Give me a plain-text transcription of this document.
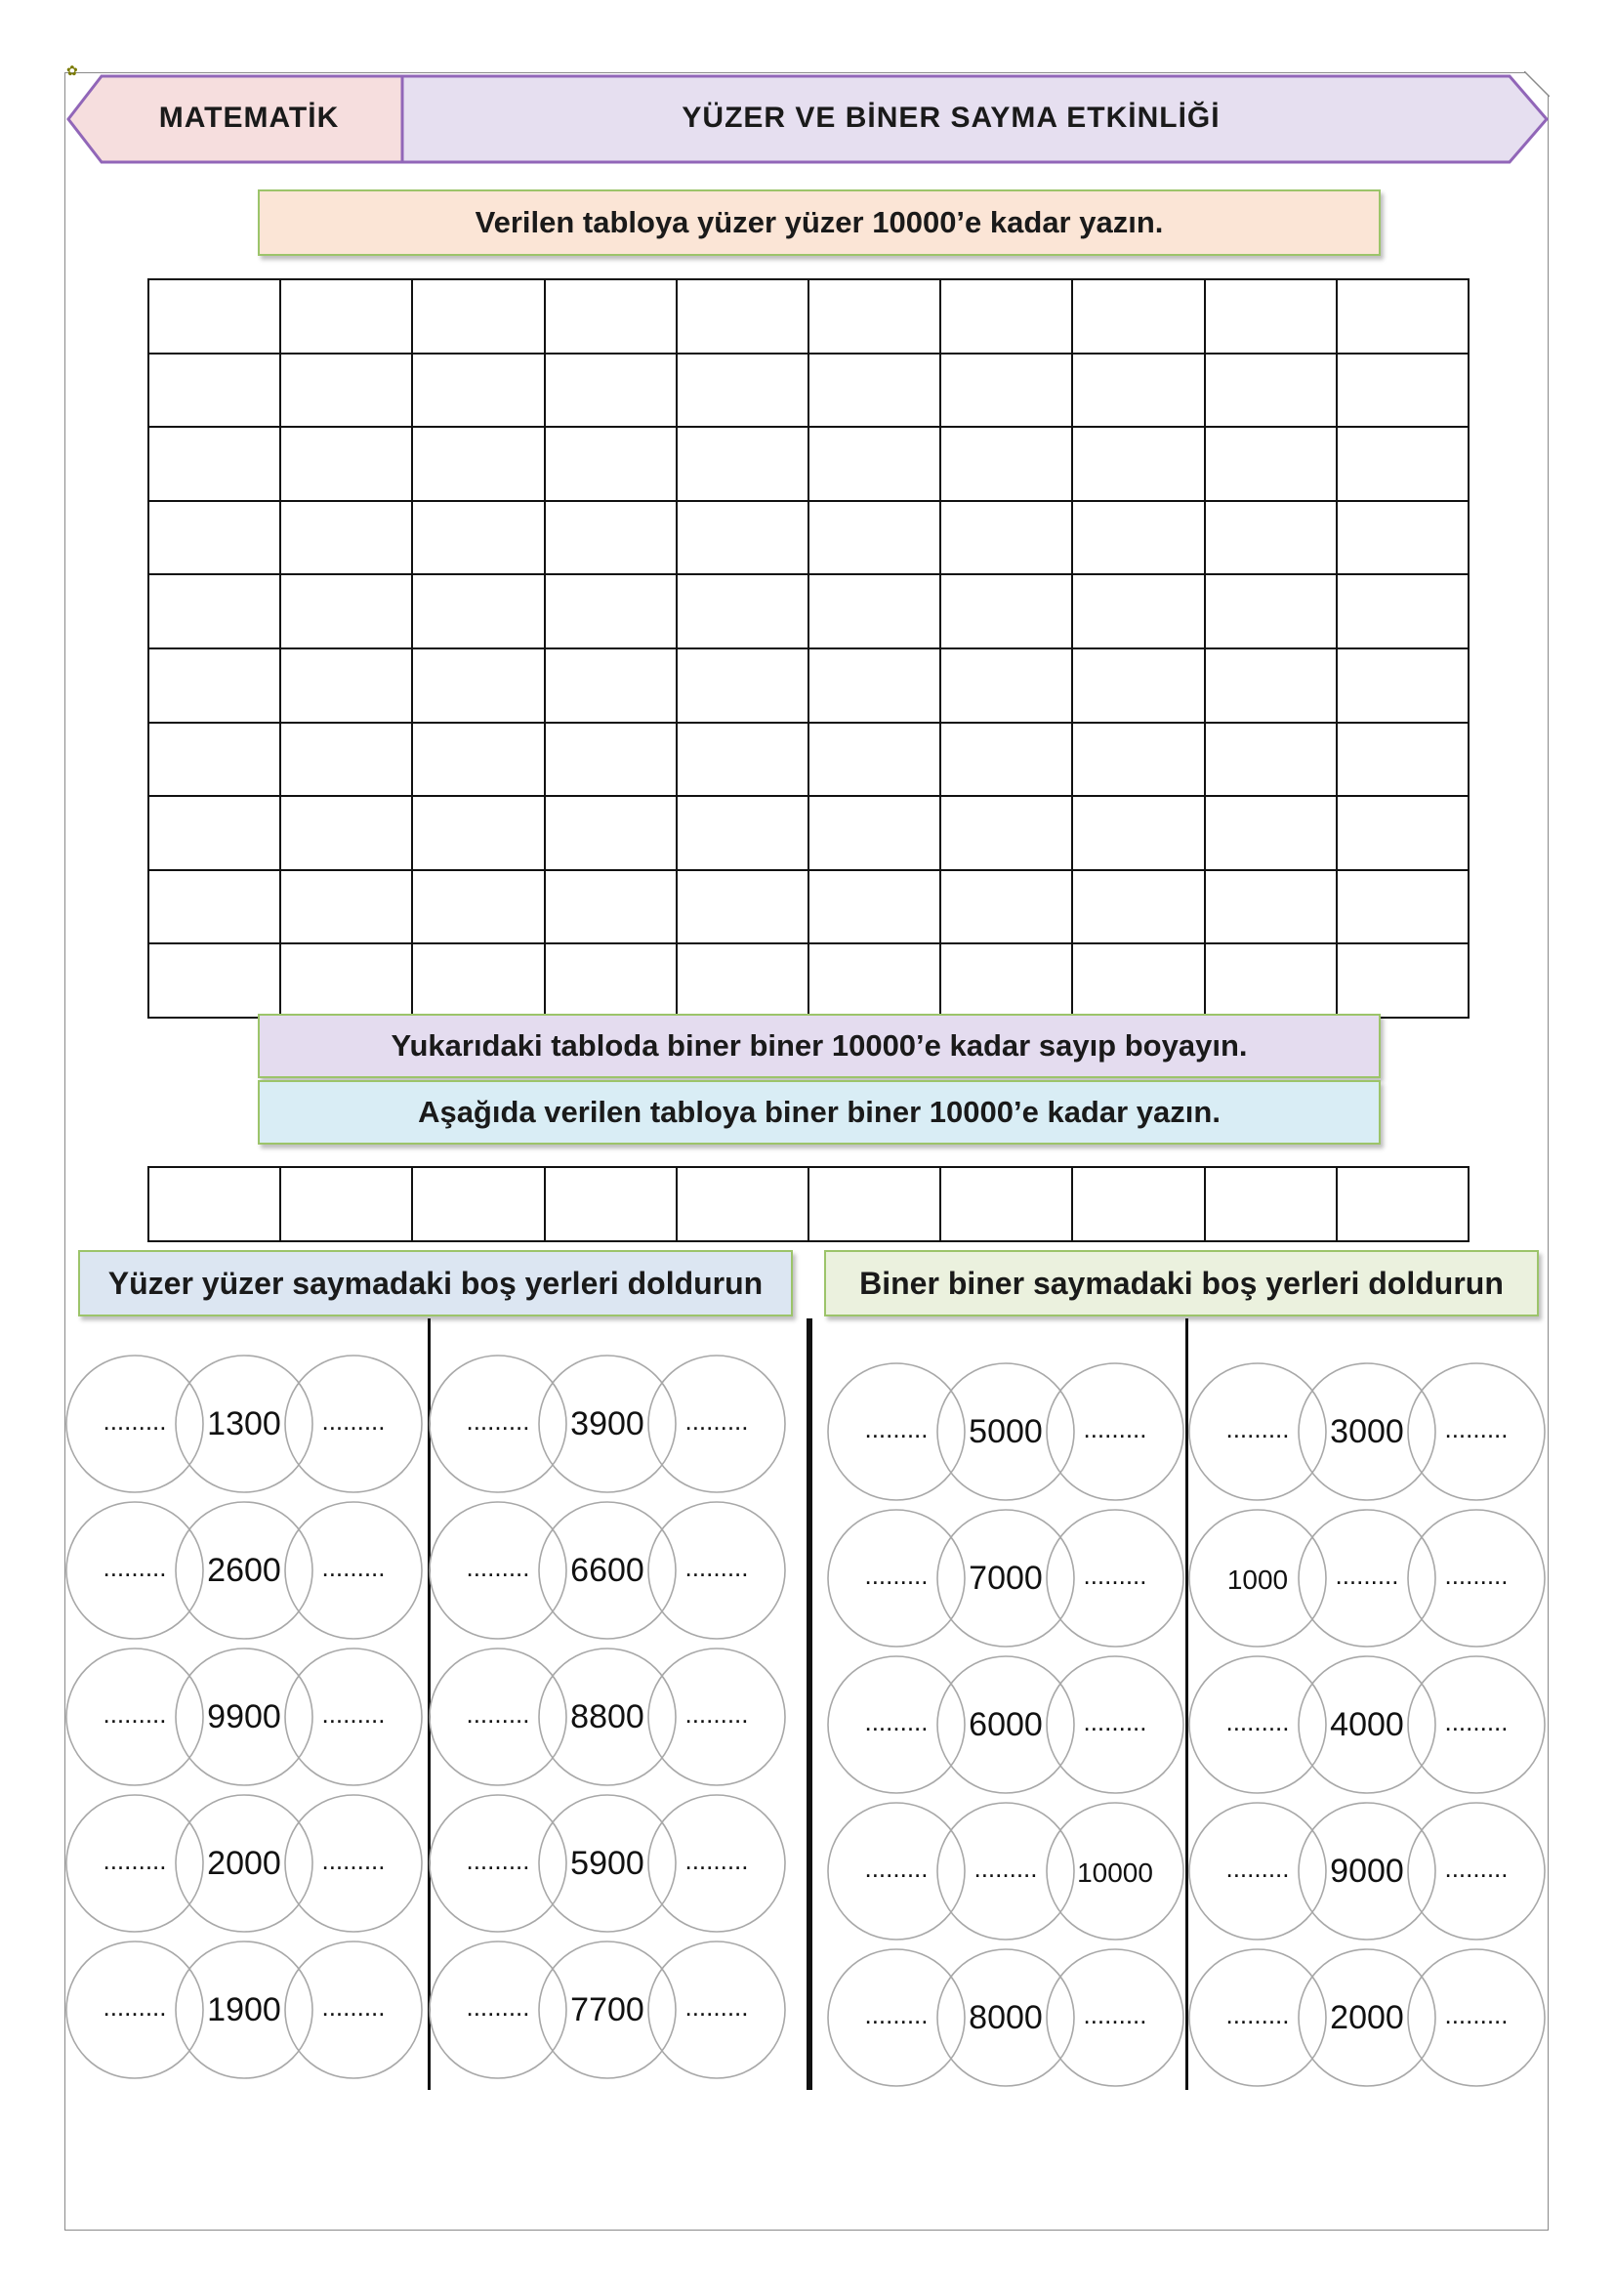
✿
MATEMATİK	YÜZER VE BİNER SAYMA ETKİNLİĞİ
Verilen tabloya yüzer yüzer 10000’e kadar yazın.

Yukarıdaki tabloda biner biner 10000’e kadar sayıp boyayın.
Aşağıda verilen tabloya biner biner 10000’e kadar yazın.

Yüzer yüzer saymadaki boş yerleri doldurun	Biner biner saymadaki boş yerleri doldurun
......... 1300 .........
......... 2600 .........
......... 9900 .........
......... 2000 .........
......... 1900 .........
......... 3900 .........
......... 6600 .........
......... 8800 .........
......... 5900 .........
......... 7700 .........
......... 5000 .........
......... 7000 .........
......... 6000 .........
......... ......... 10000
......... 8000 .........
......... 3000 .........
1000 ......... .........
......... 4000 .........
......... 9000 .........
......... 2000 .........
